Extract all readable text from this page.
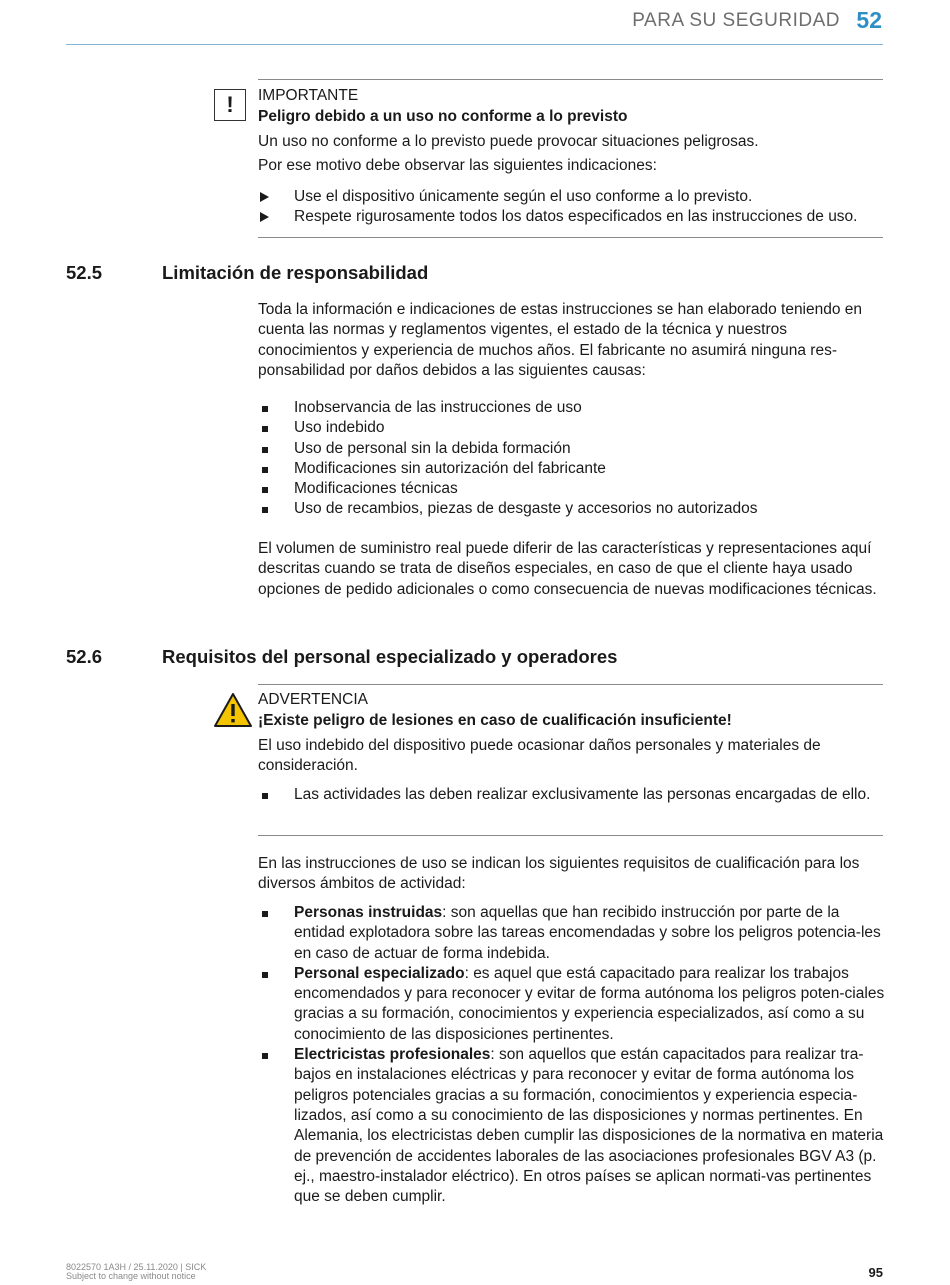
PARA SU SEGURIDAD 52
!	IMPORTANTE
Peligro debido a un uso no conforme a lo previsto
Un uso no conforme a lo previsto puede provocar situaciones peligrosas.
Por ese motivo debe observar las siguientes indicaciones:
Use el dispositivo únicamente según el uso conforme a lo previsto.
Respete rigurosamente todos los datos especificados en las instrucciones de uso.
52.5	Limitación de responsabilidad
Toda la información e indicaciones de estas instrucciones se han elaborado teniendo en cuenta las normas y reglamentos vigentes, el estado de la técnica y nuestros conocimientos y experiencia de muchos años. El fabricante no asumirá ninguna res-ponsabilidad por daños debidos a las siguientes causas:
Inobservancia de las instrucciones de uso
Uso indebido
Uso de personal sin la debida formación
Modificaciones sin autorización del fabricante
Modificaciones técnicas
Uso de recambios, piezas de desgaste y accesorios no autorizados
El volumen de suministro real puede diferir de las características y representaciones aquí descritas cuando se trata de diseños especiales, en caso de que el cliente haya usado opciones de pedido adicionales o como consecuencia de nuevas modificaciones técnicas.
52.6	Requisitos del personal especializado y operadores
ADVERTENCIA
¡Existe peligro de lesiones en caso de cualificación insuficiente!
El uso indebido del dispositivo puede ocasionar daños personales y materiales de consideración.
Las actividades las deben realizar exclusivamente las personas encargadas de ello.
En las instrucciones de uso se indican los siguientes requisitos de cualificación para los diversos ámbitos de actividad:
Personas instruidas: son aquellas que han recibido instrucción por parte de la entidad explotadora sobre las tareas encomendadas y sobre los peligros potencia-les en caso de actuar de forma indebida.
Personal especializado: es aquel que está capacitado para realizar los trabajos encomendados y para reconocer y evitar de forma autónoma los peligros poten-ciales gracias a su formación, conocimientos y experiencia especializados, así como a su conocimiento de las disposiciones pertinentes.
Electricistas profesionales: son aquellos que están capacitados para realizar tra-bajos en instalaciones eléctricas y para reconocer y evitar de forma autónoma los peligros potenciales gracias a su formación, conocimientos y experiencia especia-lizados, así como a su conocimiento de las disposiciones y normas pertinentes. En Alemania, los electricistas deben cumplir las disposiciones de la normativa en materia de prevención de accidentes laborales de las asociaciones profesionales BGV A3 (p. ej., maestro-instalador eléctrico). En otros países se aplican normati-vas pertinentes que se deben cumplir.
8022570 1A3H / 25.11.2020 | SICK
Subject to change without notice	95
